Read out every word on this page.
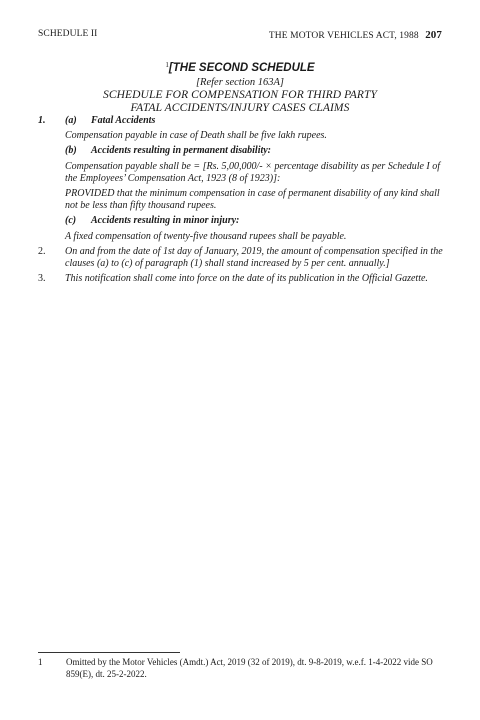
SCHEDULE II	THE MOTOR VEHICLES ACT, 1988 207
$^1$[THE SECOND SCHEDULE
[Refer section 163A]
SCHEDULE FOR COMPENSATION FOR THIRD PARTY
FATAL ACCIDENTS/INJURY CASES CLAIMS
1. (a) Fatal Accidents
Compensation payable in case of Death shall be five lakh rupees.
(b) Accidents resulting in permanent disability:
Compensation payable shall be = [Rs. 5,00,000/- × percentage disability as per Schedule I of the Employees’ Compensation Act, 1923 (8 of 1923)]:
PROVIDED that the minimum compensation in case of permanent disability of any kind shall not be less than fifty thousand rupees.
(c) Accidents resulting in minor injury:
A fixed compensation of twenty-five thousand rupees shall be payable.
2. On and from the date of 1st day of January, 2019, the amount of compensation specified in the clauses (a) to (c) of paragraph (1) shall stand increased by 5 per cent. annually.]
3. This notification shall come into force on the date of its publication in the Official Gazette.
1	Omitted by the Motor Vehicles (Amdt.) Act, 2019 (32 of 2019), dt. 9-8-2019, w.e.f. 1-4-2022 vide SO 859(E), dt. 25-2-2022.
